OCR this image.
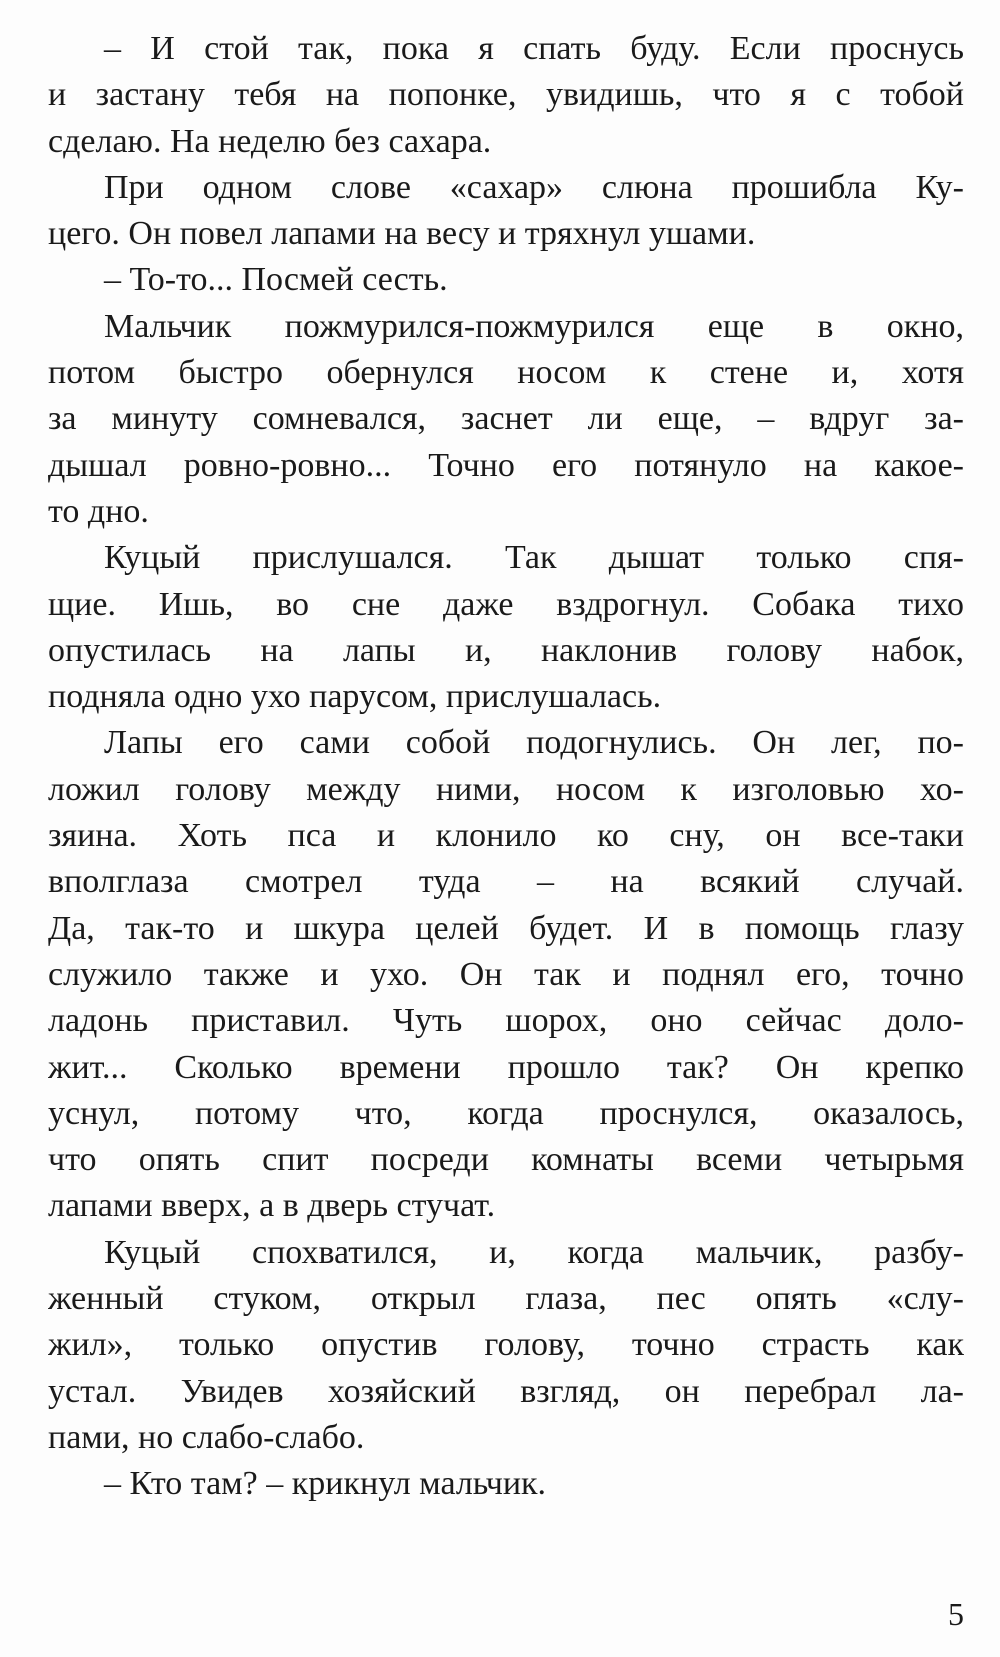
– И стой так, пока я спать буду. Если проснусь
и застану тебя на попонке, увидишь, что я с тобой
сделаю. На неделю без сахара.
При одном слове «сахар» слюна прошибла Ку-
цего. Он повел лапами на весу и тряхнул ушами.
– То-то... Посмей сесть.
Мальчик пожмурился-пожмурился еще в окно,
потом быстро обернулся носом к стене и, хотя
за минуту сомневался, заснет ли еще, – вдруг за-
дышал ровно-ровно... Точно его потянуло на какое-
то дно.
Куцый прислушался. Так дышат только спя-
щие. Ишь, во сне даже вздрогнул. Собака тихо
опустилась на лапы и, наклонив голову набок,
подняла одно ухо парусом, прислушалась.
Лапы его сами собой подогнулись. Он лег, по-
ложил голову между ними, носом к изголовью хо-
зяина. Хоть пса и клонило ко сну, он все-таки
вполглаза смотрел туда – на всякий случай.
Да, так-то и шкура целей будет. И в помощь глазу
служило также и ухо. Он так и поднял его, точно
ладонь приставил. Чуть шорох, оно сейчас доло-
жит... Сколько времени прошло так? Он крепко
уснул, потому что, когда проснулся, оказалось,
что опять спит посреди комнаты всеми четырьмя
лапами вверх, а в дверь стучат.
Куцый спохватился, и, когда мальчик, разбу-
женный стуком, открыл глаза, пес опять «слу-
жил», только опустив голову, точно страсть как
устал. Увидев хозяйский взгляд, он перебрал ла-
пами, но слабо-слабо.
– Кто там? – крикнул мальчик.
5
